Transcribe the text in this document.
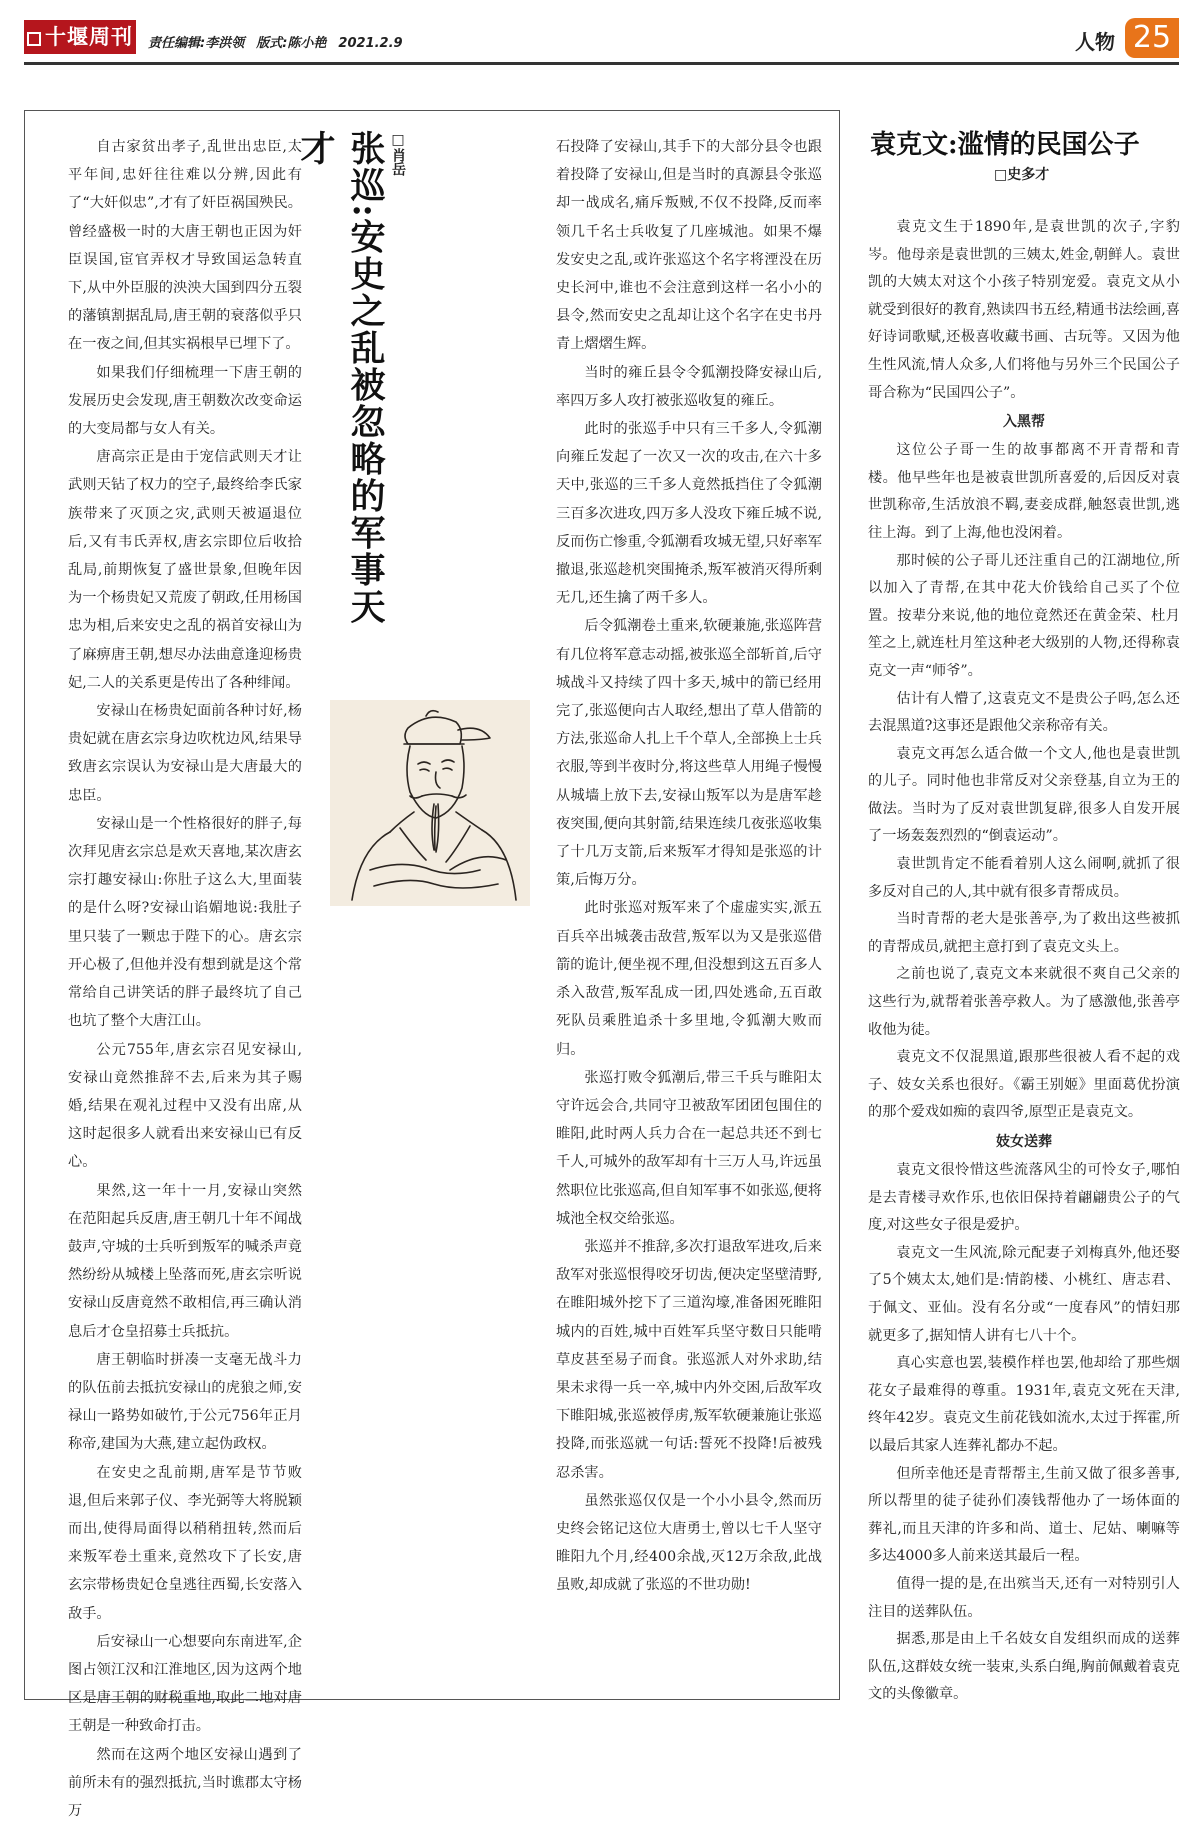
十堰周刊 责任编辑:李洪领 版式:陈小艳 2021.2.9	人物 25
张巡:安史之乱被忽略的军事天才	□肖岳

自古家贫出孝子,乱世出忠臣,太平年间,忠奸往往难以分辨,因此有了“大奸似忠”,才有了奸臣祸国殃民。曾经盛极一时的大唐王朝也正因为奸臣误国,宦官弄权才导致国运急转直下,从中外臣服的泱泱大国到四分五裂的藩镇割据乱局,唐王朝的衰落似乎只在一夜之间,但其实祸根早已埋下了。

如果我们仔细梳理一下唐王朝的发展历史会发现,唐王朝数次改变命运的大变局都与女人有关。

唐高宗正是由于宠信武则天才让武则天钻了权力的空子,最终给李氏家族带来了灭顶之灾,武则天被逼退位后,又有韦氏弄权,唐玄宗即位后收拾乱局,前期恢复了盛世景象,但晚年因为一个杨贵妃又荒废了朝政,任用杨国忠为相,后来安史之乱的祸首安禄山为了麻痹唐王朝,想尽办法曲意逢迎杨贵妃,二人的关系更是传出了各种绯闻。

安禄山在杨贵妃面前各种讨好,杨贵妃就在唐玄宗身边吹枕边风,结果导致唐玄宗误认为安禄山是大唐最大的忠臣。

安禄山是一个性格很好的胖子,每次拜见唐玄宗总是欢天喜地,某次唐玄宗打趣安禄山:你肚子这么大,里面装的是什么呀?安禄山谄媚地说:我肚子里只装了一颗忠于陛下的心。唐玄宗开心极了,但他并没有想到就是这个常常给自己讲笑话的胖子最终坑了自己也坑了整个大唐江山。

公元755年,唐玄宗召见安禄山,安禄山竟然推辞不去,后来为其子赐婚,结果在观礼过程中又没有出席,从这时起很多人就看出来安禄山已有反心。

果然,这一年十一月,安禄山突然在范阳起兵反唐,唐王朝几十年不闻战鼓声,守城的士兵听到叛军的喊杀声竟然纷纷从城楼上坠落而死,唐玄宗听说安禄山反唐竟然不敢相信,再三确认消息后才仓皇招募士兵抵抗。

唐王朝临时拼凑一支毫无战斗力的队伍前去抵抗安禄山的虎狼之师,安禄山一路势如破竹,于公元756年正月称帝,建国为大燕,建立起伪政权。

在安史之乱前期,唐军是节节败退,但后来郭子仪、李光弼等大将脱颖而出,使得局面得以稍稍扭转,然而后来叛军卷土重来,竟然攻下了长安,唐玄宗带杨贵妃仓皇逃往西蜀,长安落入敌手。

后安禄山一心想要向东南进军,企图占领江汉和江淮地区,因为这两个地区是唐王朝的财税重地,取此二地对唐王朝是一种致命打击。

然而在这两个地区安禄山遇到了前所未有的强烈抵抗,当时谯郡太守杨万

石投降了安禄山,其手下的大部分县令也跟着投降了安禄山,但是当时的真源县令张巡却一战成名,痛斥叛贼,不仅不投降,反而率领几千名士兵收复了几座城池。如果不爆发安史之乱,或许张巡这个名字将湮没在历史长河中,谁也不会注意到这样一名小小的县令,然而安史之乱却让这个名字在史书丹青上熠熠生辉。

当时的雍丘县令令狐潮投降安禄山后,率四万多人攻打被张巡收复的雍丘。

此时的张巡手中只有三千多人,令狐潮向雍丘发起了一次又一次的攻击,在六十多天中,张巡的三千多人竟然抵挡住了令狐潮三百多次进攻,四万多人没攻下雍丘城不说,反而伤亡惨重,令狐潮看攻城无望,只好率军撤退,张巡趁机突围掩杀,叛军被消灭得所剩无几,还生擒了两千多人。

后令狐潮卷土重来,软硬兼施,张巡阵营有几位将军意志动摇,被张巡全部斩首,后守城战斗又持续了四十多天,城中的箭已经用完了,张巡便向古人取经,想出了草人借箭的方法,张巡命人扎上千个草人,全部换上士兵衣服,等到半夜时分,将这些草人用绳子慢慢从城墙上放下去,安禄山叛军以为是唐军趁夜突围,便向其射箭,结果连续几夜张巡收集了十几万支箭,后来叛军才得知是张巡的计策,后悔万分。

此时张巡对叛军来了个虚虚实实,派五百兵卒出城袭击敌营,叛军以为又是张巡借箭的诡计,便坐视不理,但没想到这五百多人杀入敌营,叛军乱成一团,四处逃命,五百敢死队员乘胜追杀十多里地,令狐潮大败而归。

张巡打败令狐潮后,带三千兵与睢阳太守许远会合,共同守卫被敌军团团包围住的睢阳,此时两人兵力合在一起总共还不到七千人,可城外的敌军却有十三万人马,许远虽然职位比张巡高,但自知军事不如张巡,便将城池全权交给张巡。

张巡并不推辞,多次打退敌军进攻,后来敌军对张巡恨得咬牙切齿,便决定坚壁清野,在睢阳城外挖下了三道沟壕,准备困死睢阳城内的百姓,城中百姓军兵坚守数日只能啃草皮甚至易子而食。张巡派人对外求助,结果未求得一兵一卒,城中内外交困,后敌军攻下睢阳城,张巡被俘虏,叛军软硬兼施让张巡投降,而张巡就一句话:誓死不投降!后被残忍杀害。

虽然张巡仅仅是一个小小县令,然而历史终会铭记这位大唐勇士,曾以七千人坚守睢阳九个月,经400余战,灭12万余敌,此战虽败,却成就了张巡的不世功勋!

袁克文:滥情的民国公子
□史多才

袁克文生于1890年,是袁世凯的次子,字豹岑。他母亲是袁世凯的三姨太,姓金,朝鲜人。袁世凯的大姨太对这个小孩子特别宠爱。袁克文从小就受到很好的教育,熟读四书五经,精通书法绘画,喜好诗词歌赋,还极喜收藏书画、古玩等。又因为他生性风流,情人众多,人们将他与另外三个民国公子哥合称为“民国四公子”。

入黑帮

这位公子哥一生的故事都离不开青帮和青楼。他早些年也是被袁世凯所喜爱的,后因反对袁世凯称帝,生活放浪不羁,妻妾成群,触怒袁世凯,逃往上海。到了上海,他也没闲着。

那时候的公子哥儿还注重自己的江湖地位,所以加入了青帮,在其中花大价钱给自己买了个位置。按辈分来说,他的地位竟然还在黄金荣、杜月笙之上,就连杜月笙这种老大级别的人物,还得称袁克文一声“师爷”。

估计有人懵了,这袁克文不是贵公子吗,怎么还去混黑道?这事还是跟他父亲称帝有关。

袁克文再怎么适合做一个文人,他也是袁世凯的儿子。同时他也非常反对父亲登基,自立为王的做法。当时为了反对袁世凯复辟,很多人自发开展了一场轰轰烈烈的“倒袁运动”。

袁世凯肯定不能看着别人这么闹啊,就抓了很多反对自己的人,其中就有很多青帮成员。

当时青帮的老大是张善亭,为了救出这些被抓的青帮成员,就把主意打到了袁克文头上。

之前也说了,袁克文本来就很不爽自己父亲的这些行为,就帮着张善亭救人。为了感激他,张善亭收他为徒。

袁克文不仅混黑道,跟那些很被人看不起的戏子、妓女关系也很好。《霸王别姬》里面葛优扮演的那个爱戏如痴的袁四爷,原型正是袁克文。

妓女送葬

袁克文很怜惜这些流落风尘的可怜女子,哪怕是去青楼寻欢作乐,也依旧保持着翩翩贵公子的气度,对这些女子很是爱护。

袁克文一生风流,除元配妻子刘梅真外,他还娶了5个姨太太,她们是:情韵楼、小桃红、唐志君、于佩文、亚仙。没有名分或“一度春风”的情妇那就更多了,据知情人讲有七八十个。

真心实意也罢,装模作样也罢,他却给了那些烟花女子最难得的尊重。1931年,袁克文死在天津,终年42岁。袁克文生前花钱如流水,太过于挥霍,所以最后其家人连葬礼都办不起。

但所幸他还是青帮帮主,生前又做了很多善事,所以帮里的徒子徒孙们凑钱帮他办了一场体面的葬礼,而且天津的许多和尚、道士、尼姑、喇嘛等多达4000多人前来送其最后一程。

值得一提的是,在出殡当天,还有一对特别引人注目的送葬队伍。

据悉,那是由上千名妓女自发组织而成的送葬队伍,这群妓女统一装束,头系白绳,胸前佩戴着袁克文的头像徽章。
